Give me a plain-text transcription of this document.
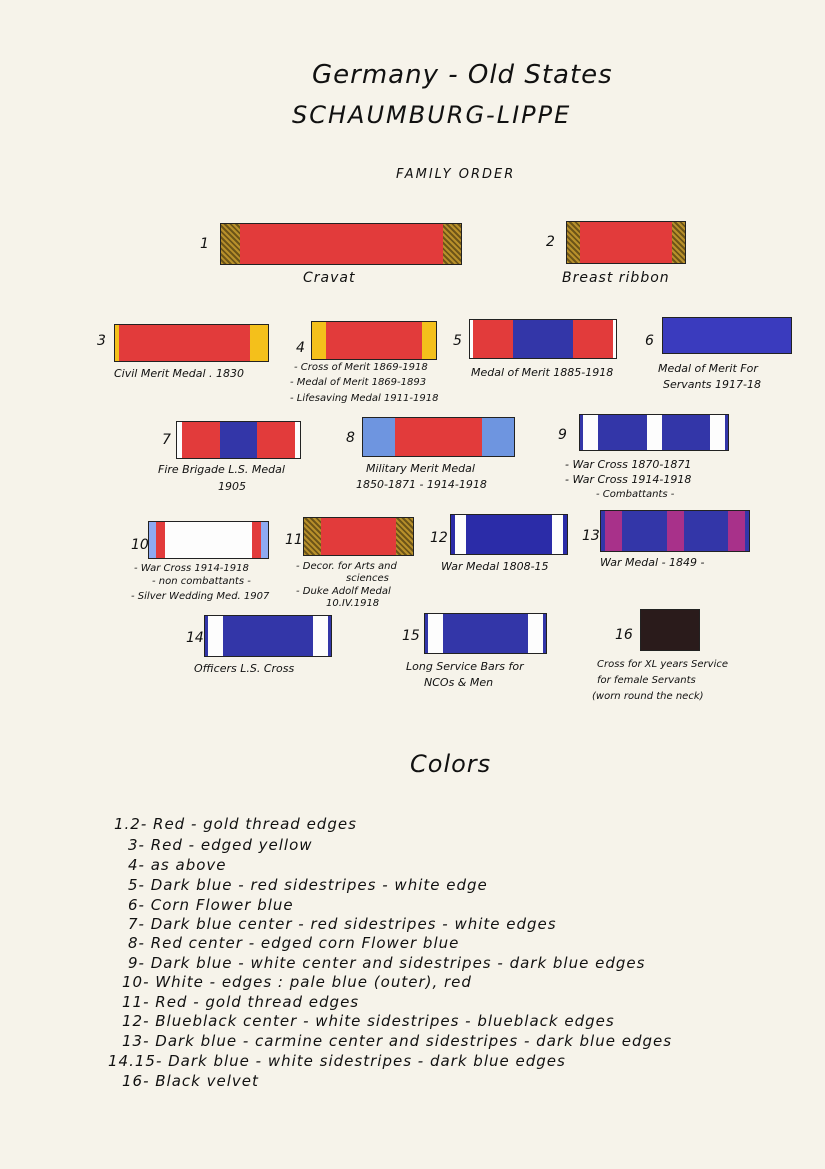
Germany - Old States
SCHAUMBURG-LIPPE
FAMILY ORDER
1
Cravat
2
Breast ribbon
3
Civil Merit Medal . 1830
4
- Cross of Merit 1869-1918
- Medal of Merit 1869-1893
- Lifesaving Medal 1911-1918
5
Medal of Merit 1885-1918
6
Medal of Merit For
Servants 1917-18
7
Fire Brigade L.S. Medal
1905
8
Military Merit Medal
1850-1871 - 1914-1918
9
- War Cross 1870-1871
- War Cross 1914-1918
- Combattants -
10
- War Cross 1914-1918
- non combattants -
- Silver Wedding Med. 1907
11
- Decor. for Arts and
sciences
- Duke Adolf Medal
10.IV.1918
12
War Medal 1808-15
13
War Medal - 1849 -
14
Officers L.S. Cross
15
Long Service Bars for
NCOs & Men
16
Cross for XL years Service
for female Servants
(worn round the neck)
Colors
1.2- Red - gold thread edges
3- Red - edged yellow
4- as above
5- Dark blue - red sidestripes - white edge
6- Corn Flower blue
7- Dark blue center - red sidestripes - white edges
8- Red center - edged corn Flower blue
9- Dark blue - white center and sidestripes - dark blue edges
10- White - edges : pale blue (outer), red
11- Red - gold thread edges
12- Blueblack center - white sidestripes - blueblack edges
13- Dark blue - carmine center and sidestripes - dark blue edges
14.15- Dark blue - white sidestripes - dark blue edges
16- Black velvet
